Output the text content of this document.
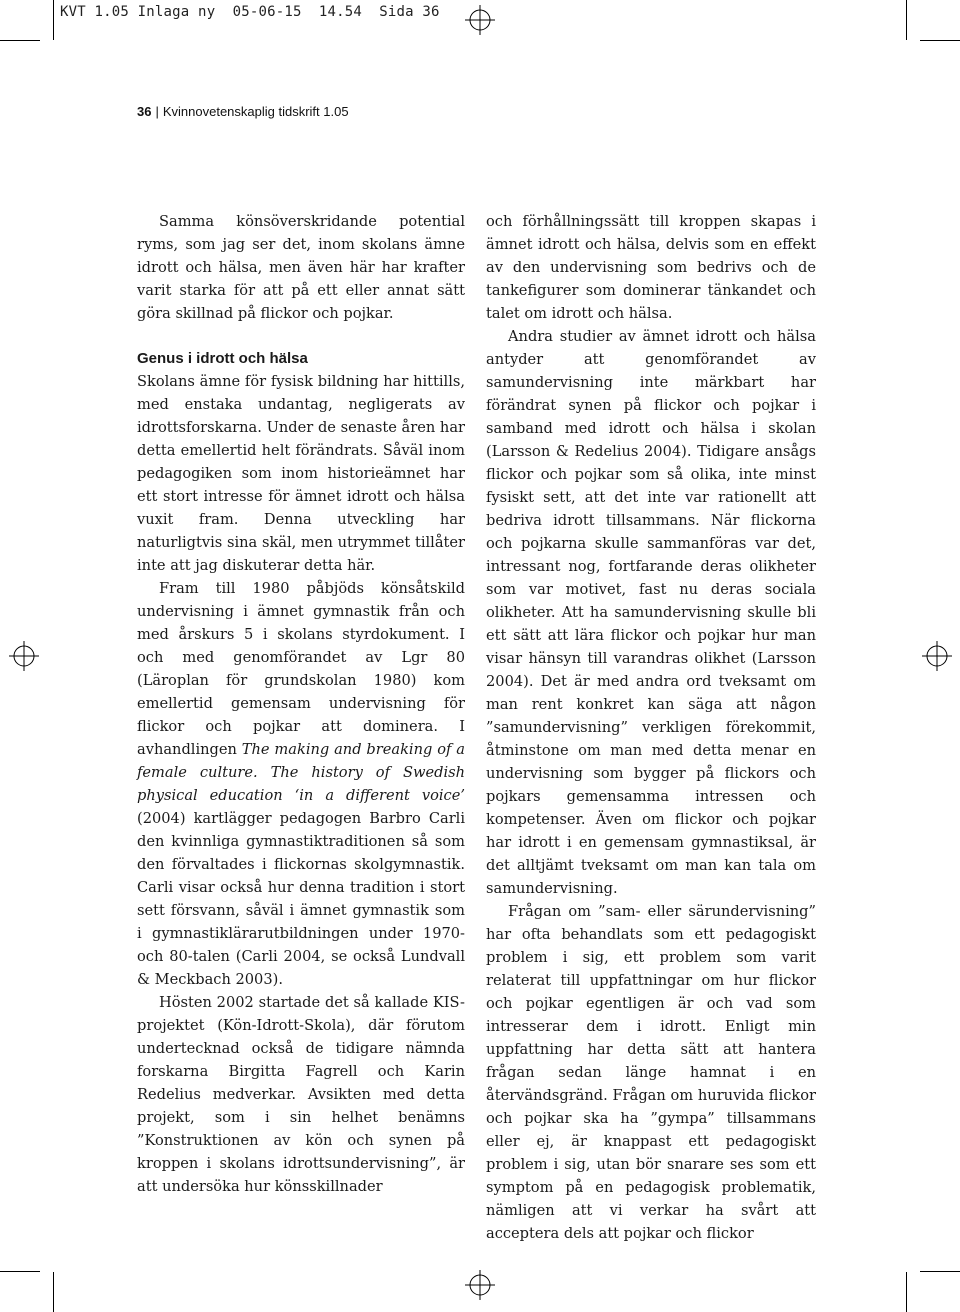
KVT 1.05 Inlaga ny  05-06-15  14.54  Sida 36
36 | Kvinnovetenskaplig tidskrift 1.05

Samma könsöverskridande potential ryms, som jag ser det, inom skolans ämne idrott och hälsa, men även här har krafter varit starka för att på ett eller annat sätt göra skillnad på flickor och pojkar.

Genus i idrott och hälsa

Skolans ämne för fysisk bildning har hittills, med enstaka undantag, negligerats av idrottsforskarna. Under de senaste åren har detta emellertid helt förändrats. Såväl inom pedagogiken som inom historieämnet har ett stort intresse för ämnet idrott och hälsa vuxit fram. Denna utveckling har naturligtvis sina skäl, men utrymmet tillåter inte att jag diskuterar detta här.

Fram till 1980 påbjöds könsåtskild undervisning i ämnet gymnastik från och med årskurs 5 i skolans styrdokument. I och med genomförandet av Lgr 80 (Läroplan för grundskolan 1980) kom emellertid gemensam undervisning för flickor och pojkar att dominera. I avhandlingen The making and breaking of a female culture. The history of Swedish physical education ‘in a different voice’ (2004) kartlägger pedagogen Barbro Carli den kvinnliga gymnastiktraditionen så som den förvaltades i flickornas skolgymnastik. Carli visar också hur denna tradition i stort sett försvann, såväl i ämnet gymnastik som i gymnastiklärarutbildningen under 1970- och 80-talen (Carli 2004, se också Lundvall & Meckbach 2003).

Hösten 2002 startade det så kallade KIS-projektet (Kön-Idrott-Skola), där förutom undertecknad också de tidigare nämnda forskarna Birgitta Fagrell och Karin Redelius medverkar. Avsikten med detta projekt, som i sin helhet benämns ”Konstruktionen av kön och synen på kroppen i skolans idrottsundervisning”, är att undersöka hur könsskillnader

och förhållningssätt till kroppen skapas i ämnet idrott och hälsa, delvis som en effekt av den undervisning som bedrivs och de tankefigurer som dominerar tänkandet och talet om idrott och hälsa.

Andra studier av ämnet idrott och hälsa antyder att genomförandet av samundervisning inte märkbart har förändrat synen på flickor och pojkar i samband med idrott och hälsa i skolan (Larsson & Redelius 2004). Tidigare ansågs flickor och pojkar som så olika, inte minst fysiskt sett, att det inte var rationellt att bedriva idrott tillsammans. När flickorna och pojkarna skulle sammanföras var det, intressant nog, fortfarande deras olikheter som var motivet, fast nu deras sociala olikheter. Att ha samundervisning skulle bli ett sätt att lära flickor och pojkar hur man visar hänsyn till varandras olikhet (Larsson 2004). Det är med andra ord tveksamt om man rent konkret kan säga att någon ”samundervisning” verkligen förekommit, åtminstone om man med detta menar en undervisning som bygger på flickors och pojkars gemensamma intressen och kompetenser. Även om flickor och pojkar har idrott i en gemensam gymnastiksal, är det alltjämt tveksamt om man kan tala om samundervisning.

Frågan om ”sam- eller särundervisning” har ofta behandlats som ett pedagogiskt problem i sig, ett problem som varit relaterat till uppfattningar om hur flickor och pojkar egentligen är och vad som intresserar dem i idrott. Enligt min uppfattning har detta sätt att hantera frågan sedan länge hamnat i en återvändsgränd. Frågan om huruvida flickor och pojkar ska ha ”gympa” tillsammans eller ej, är knappast ett pedagogiskt problem i sig, utan bör snarare ses som ett symptom på en pedagogisk problematik, nämligen att vi verkar ha svårt att acceptera dels att pojkar och flickor
